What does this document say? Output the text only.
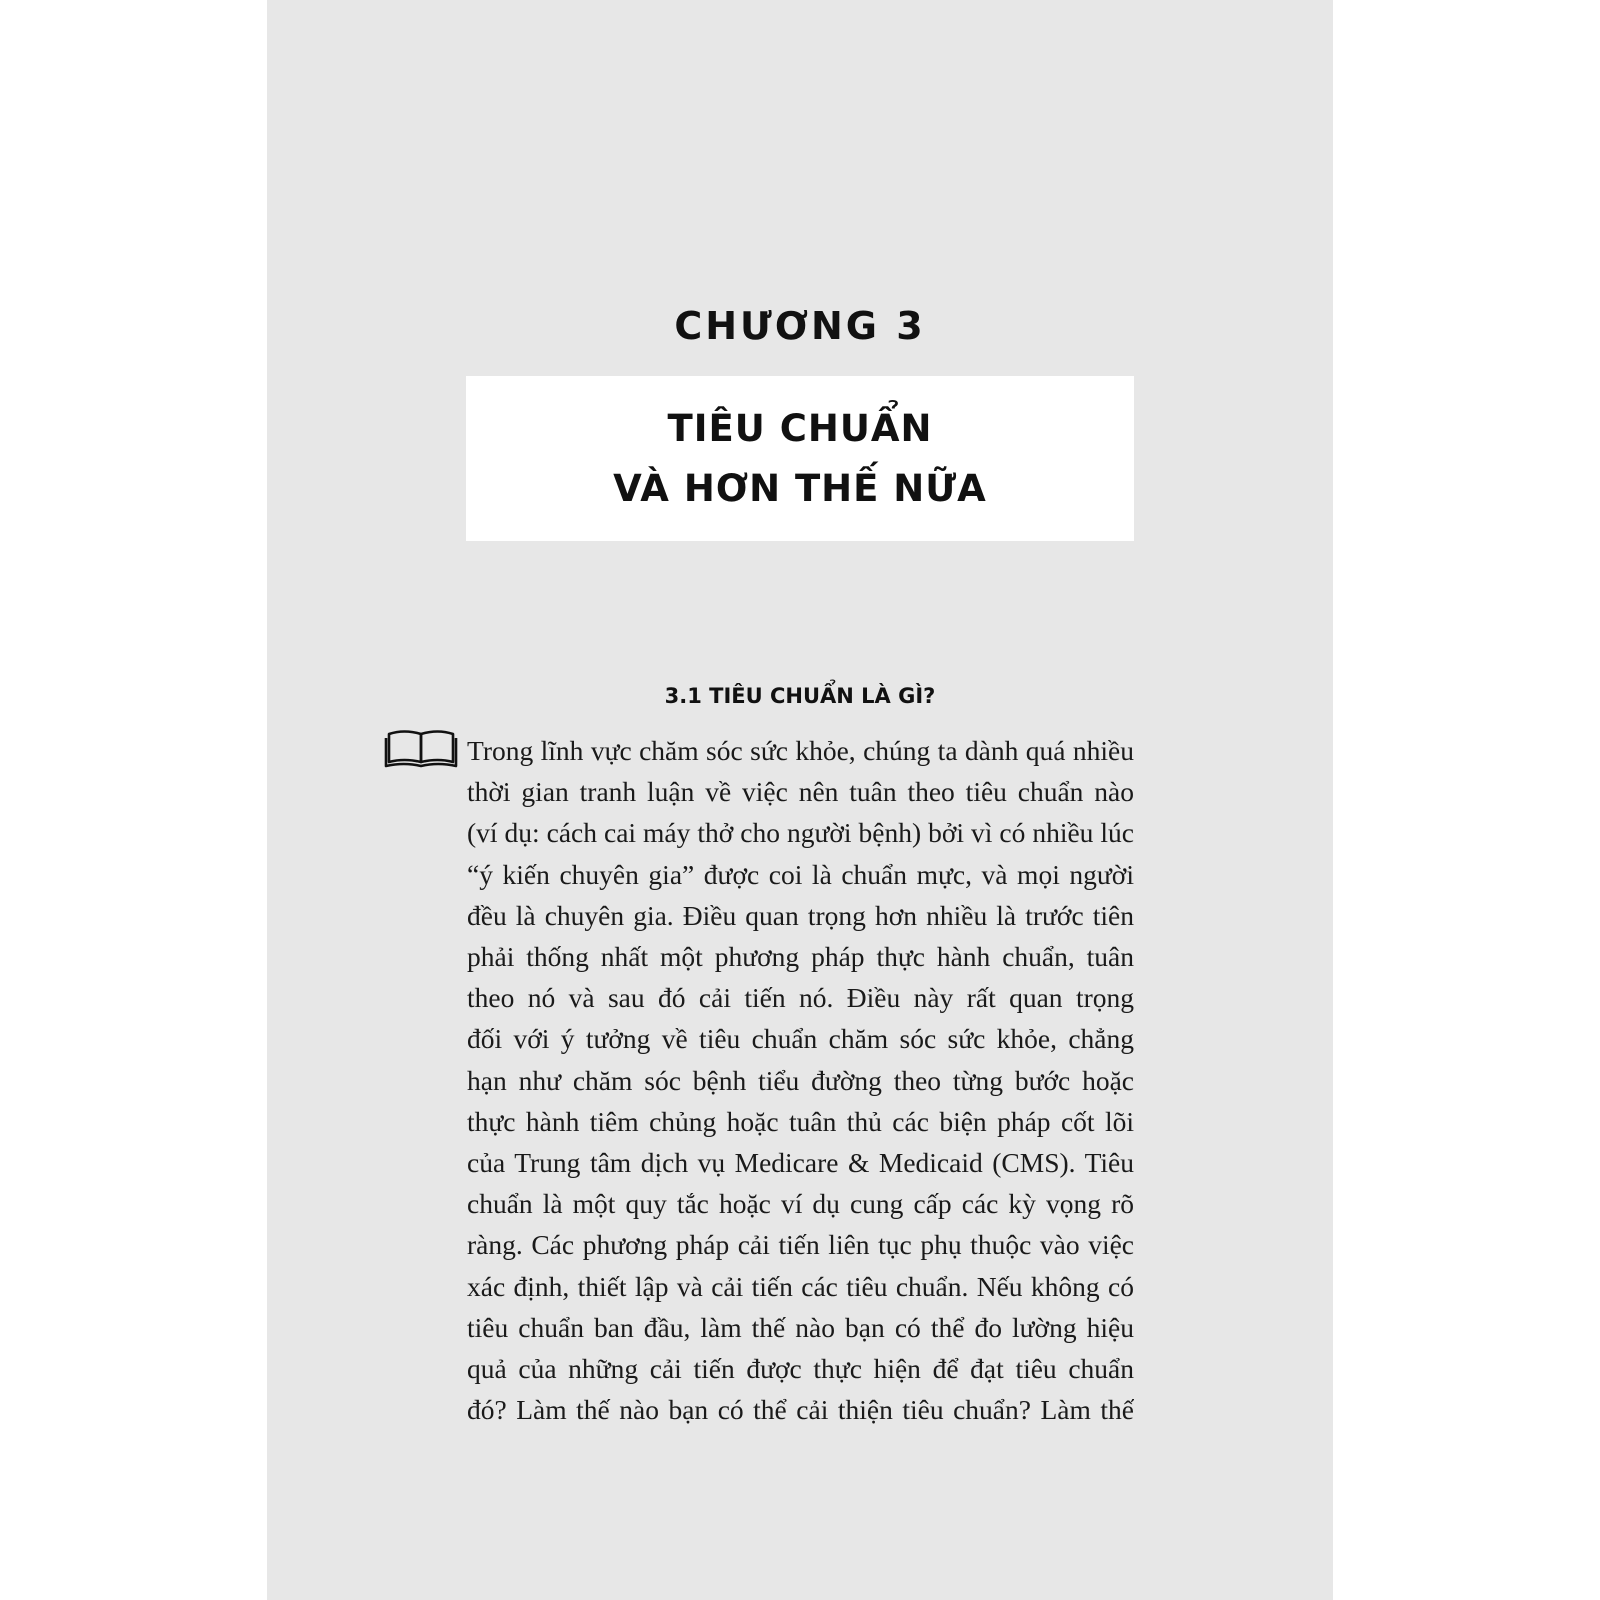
CHƯƠNG 3
TIÊU CHUẨN
VÀ HƠN THẾ NỮA
3.1 TIÊU CHUẨN LÀ GÌ?
Trong lĩnh vực chăm sóc sức khỏe, chúng ta dành quá nhiều
thời gian tranh luận về việc nên tuân theo tiêu chuẩn nào
(ví dụ: cách cai máy thở cho người bệnh) bởi vì có nhiều lúc
“ý kiến chuyên gia” được coi là chuẩn mực, và mọi người
đều là chuyên gia. Điều quan trọng hơn nhiều là trước tiên
phải thống nhất một phương pháp thực hành chuẩn, tuân
theo nó và sau đó cải tiến nó. Điều này rất quan trọng
đối với ý tưởng về tiêu chuẩn chăm sóc sức khỏe, chẳng
hạn như chăm sóc bệnh tiểu đường theo từng bước hoặc
thực hành tiêm chủng hoặc tuân thủ các biện pháp cốt lõi
của Trung tâm dịch vụ Medicare & Medicaid (CMS). Tiêu
chuẩn là một quy tắc hoặc ví dụ cung cấp các kỳ vọng rõ
ràng. Các phương pháp cải tiến liên tục phụ thuộc vào việc
xác định, thiết lập và cải tiến các tiêu chuẩn. Nếu không có
tiêu chuẩn ban đầu, làm thế nào bạn có thể đo lường hiệu
quả của những cải tiến được thực hiện để đạt tiêu chuẩn
đó? Làm thế nào bạn có thể cải thiện tiêu chuẩn? Làm thế
